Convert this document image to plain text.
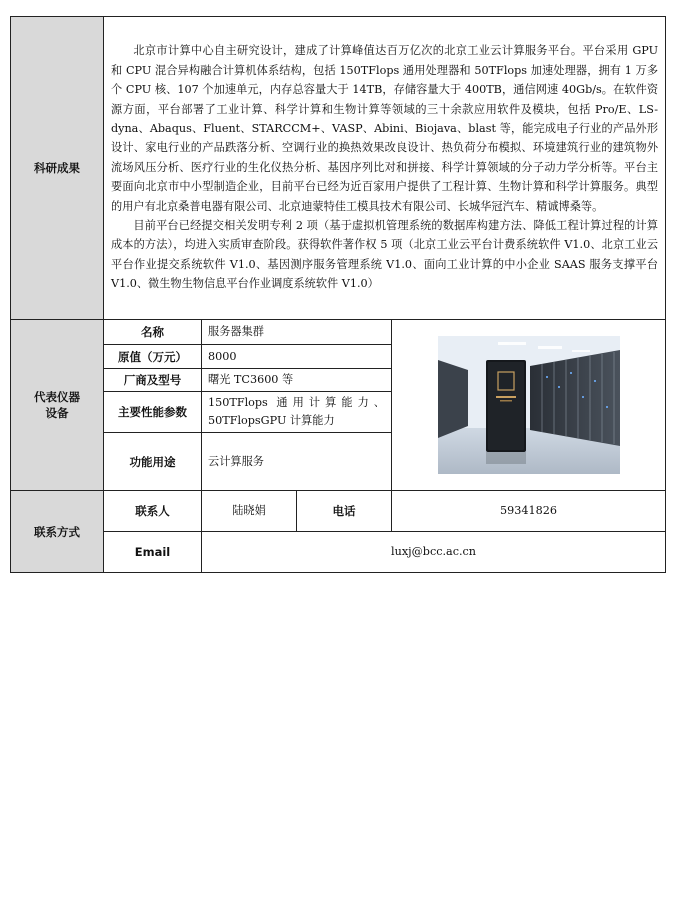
科研成果	北京市计算中心自主研究设计，建成了计算峰值达百万亿次的北京工业云计算服务平台。平台采用 GPU 和 CPU 混合异构融合计算机体系结构，包括 150TFlops 通用处理器和 50TFlops 加速处理器，拥有 1 万多个 CPU 核、107 个加速单元，内存总容量大于 14TB，存储容量大于 400TB，通信网速 40Gb/s。在软件资源方面，平台部署了工业计算、科学计算和生物计算等领域的三十余款应用软件及模块，包括 Pro/E、LS-dyna、Abaqus、Fluent、STARCCM+、VASP、Abini、Biojava、blast 等，能完成电子行业的产品外形设计、家电行业的产品跌落分析、空调行业的换热效果改良设计、热负荷分布模拟、环境建筑行业的建筑物外流场风压分析、医疗行业的生化仪热分析、基因序列比对和拼接、科学计算领域的分子动力学分析等。平台主要面向北京市中小型制造企业，目前平台已经为近百家用户提供了工程计算、生物计算和科学计算服务。典型的用户有北京桑普电器有限公司、北京迪蒙特佳工模具技术有限公司、长城华冠汽车、精诚博桑等。

目前平台已经提交相关发明专利 2 项（基于虚拟机管理系统的数据库构建方法、降低工程计算过程的计算成本的方法），均进入实质审查阶段。获得软件著作权 5 项（北京工业云平台计费系统软件 V1.0、北京工业云平台作业提交系统软件 V1.0、基因测序服务管理系统 V1.0、面向工业计算的中小企业 SAAS 服务支撑平台 V1.0、微生物生物信息平台作业调度系统软件 V1.0）			

代表仪器
设备	名称	服务器集群	

	原值（万元）	8000		
	厂商及型号	曙光 TC3600 等		
	主要性能参数	150TFlops 通用计算能力、50TFlopsGPU 计算能力		
	功能用途	云计算服务		
联系方式	联系人	陆晓娟	电话	59341826
	Email	luxj@bcc.ac.cn		
